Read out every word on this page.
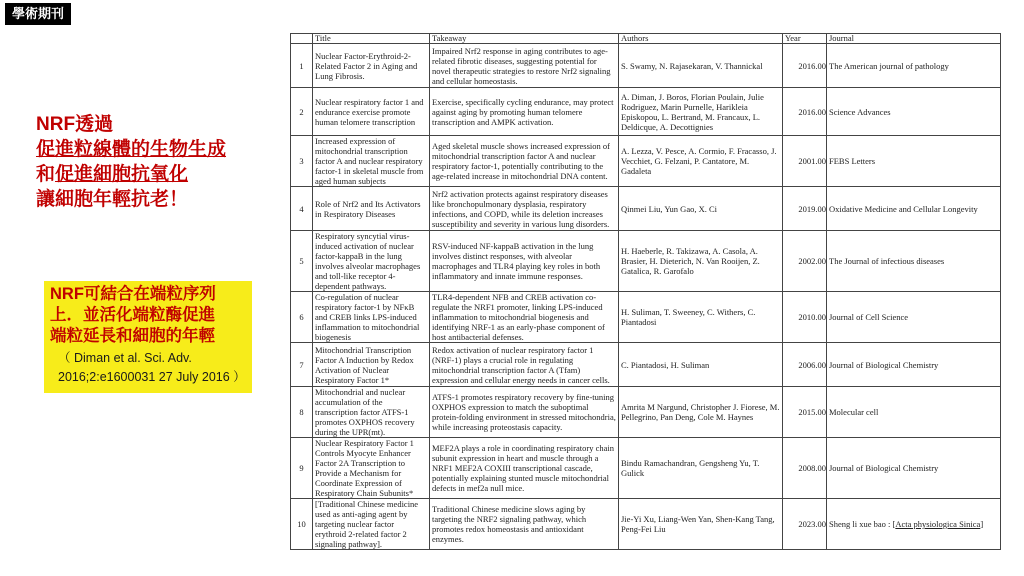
學術期刊
NRF透過
促進粒線體的生物生成
和促進細胞抗氧化
讓細胞年輕抗老！
NRF可結合在端粒序列
上．並活化端粒酶促進
端粒延長和細胞的年輕
（ Diman et al. Sci. Adv.
2016;2:e1600031 27 July 2016 ）
	Title	Takeaway	Authors	Year	Journal
1	Nuclear Factor-Erythroid-2-Related Factor 2 in Aging and Lung Fibrosis.	Impaired Nrf2 response in aging contributes to age-related fibrotic diseases, suggesting potential for novel therapeutic strategies to restore Nrf2 signaling and cellular homeostasis.	S. Swamy, N. Rajasekaran, V. Thannickal	2016.00	The American journal of pathology
2	Nuclear respiratory factor 1 and endurance exercise promote human telomere transcription	Exercise, specifically cycling endurance, may protect against aging by promoting human telomere transcription and AMPK activation.	A. Diman, J. Boros, Florian Poulain, Julie Rodriguez, Marin Purnelle, Harikleia Episkopou, L. Bertrand, M. Francaux, L. Deldicque, A. Decottignies	2016.00	Science Advances
3	Increased expression of mitochondrial transcription factor A and nuclear respiratory factor-1 in skeletal muscle from aged human subjects	Aged skeletal muscle shows increased expression of mitochondrial transcription factor A and nuclear respiratory factor-1, potentially contributing to the age-related increase in mitochondrial DNA content.	A. Lezza, V. Pesce, A. Cormio, F. Fracasso, J. Vecchiet, G. Felzani, P. Cantatore, M. Gadaleta	2001.00	FEBS Letters
4	Role of Nrf2 and Its Activators in Respiratory Diseases	Nrf2 activation protects against respiratory diseases like bronchopulmonary dysplasia, respiratory infections, and COPD, while its deletion increases susceptibility and severity in various lung disorders.	Qinmei Liu, Yun Gao, X. Ci	2019.00	Oxidative Medicine and Cellular Longevity
5	Respiratory syncytial virus-induced activation of nuclear factor-kappaB in the lung involves alveolar macrophages and toll-like receptor 4-dependent pathways.	RSV-induced NF-kappaB activation in the lung involves distinct responses, with alveolar macrophages and TLR4 playing key roles in both inflammatory and innate immune responses.	H. Haeberle, R. Takizawa, A. Casola, A. Brasier, H. Dieterich, N. Van Rooijen, Z. Gatalica, R. Garofalo	2002.00	The Journal of infectious diseases
6	Co-regulation of nuclear respiratory factor-1 by NFκB and CREB links LPS-induced inflammation to mitochondrial biogenesis	TLR4-dependent NFB and CREB activation co-regulate the NRF1 promoter, linking LPS-induced inflammation to mitochondrial biogenesis and identifying NRF-1 as an early-phase component of host antibacterial defenses.	H. Suliman, T. Sweeney, C. Withers, C. Piantadosi	2010.00	Journal of Cell Science
7	Mitochondrial Transcription Factor A Induction by Redox Activation of Nuclear Respiratory Factor 1*	Redox activation of nuclear respiratory factor 1 (NRF-1) plays a crucial role in regulating mitochondrial transcription factor A (Tfam) expression and cellular energy needs in cancer cells.	C. Piantadosi, H. Suliman	2006.00	Journal of Biological Chemistry
8	Mitochondrial and nuclear accumulation of the transcription factor ATFS-1 promotes OXPHOS recovery during the UPR(mt).	ATFS-1 promotes respiratory recovery by fine-tuning OXPHOS expression to match the suboptimal protein-folding environment in stressed mitochondria, while increasing proteostasis capacity.	Amrita M Nargund, Christopher J. Fiorese, M. Pellegrino, Pan Deng, Cole M. Haynes	2015.00	Molecular cell
9	Nuclear Respiratory Factor 1 Controls Myocyte Enhancer Factor 2A Transcription to Provide a Mechanism for Coordinate Expression of Respiratory Chain Subunits*	MEF2A plays a role in coordinating respiratory chain subunit expression in heart and muscle through a NRF1 MEF2A COXIII transcriptional cascade, potentially explaining stunted muscle mitochondrial defects in mef2a null mice.	Bindu Ramachandran, Gengsheng Yu, T. Gulick	2008.00	Journal of Biological Chemistry
10	[Traditional Chinese medicine used as anti-aging agent by targeting nuclear factor erythroid 2-related factor 2 signaling pathway].	Traditional Chinese medicine slows aging by targeting the NRF2 signaling pathway, which promotes redox homeostasis and antioxidant enzymes.	Jie-Yi Xu, Liang-Wen Yan, Shen-Kang Tang, Peng-Fei Liu	2023.00	Sheng li xue bao : [Acta physiologica Sinica]
